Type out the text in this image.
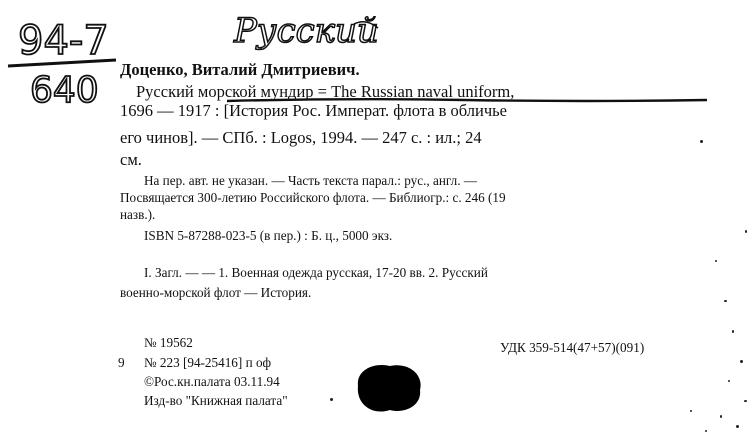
94-7
640
Русский
Доценко, Виталий Дмитриевич.
Русский морской мундир = The Russian naval uniform,
1696 — 1917 : [История Рос. Императ. флота в обличье
его чинов]. — СПб. : Logos, 1994. — 247 с. : ил.; 24
см.
На пер. авт. не указан. — Часть текста парал.: рус., англ. —
Посвящается 300-летию Российского флота. — Библиогр.: с. 246 (19
назв.).
ISBN 5-87288-023-5 (в пер.) : Б. ц., 5000 экз.
I. Загл. — — 1. Военная одежда русская, 17-20 вв. 2. Русский
военно-морской флот — История.
№ 19562
9 № 223 [94-25416] п оф
©Рос.кн.палата 03.11.94
Изд-во "Книжная палата"
УДК 359-514(47+57)(091)
